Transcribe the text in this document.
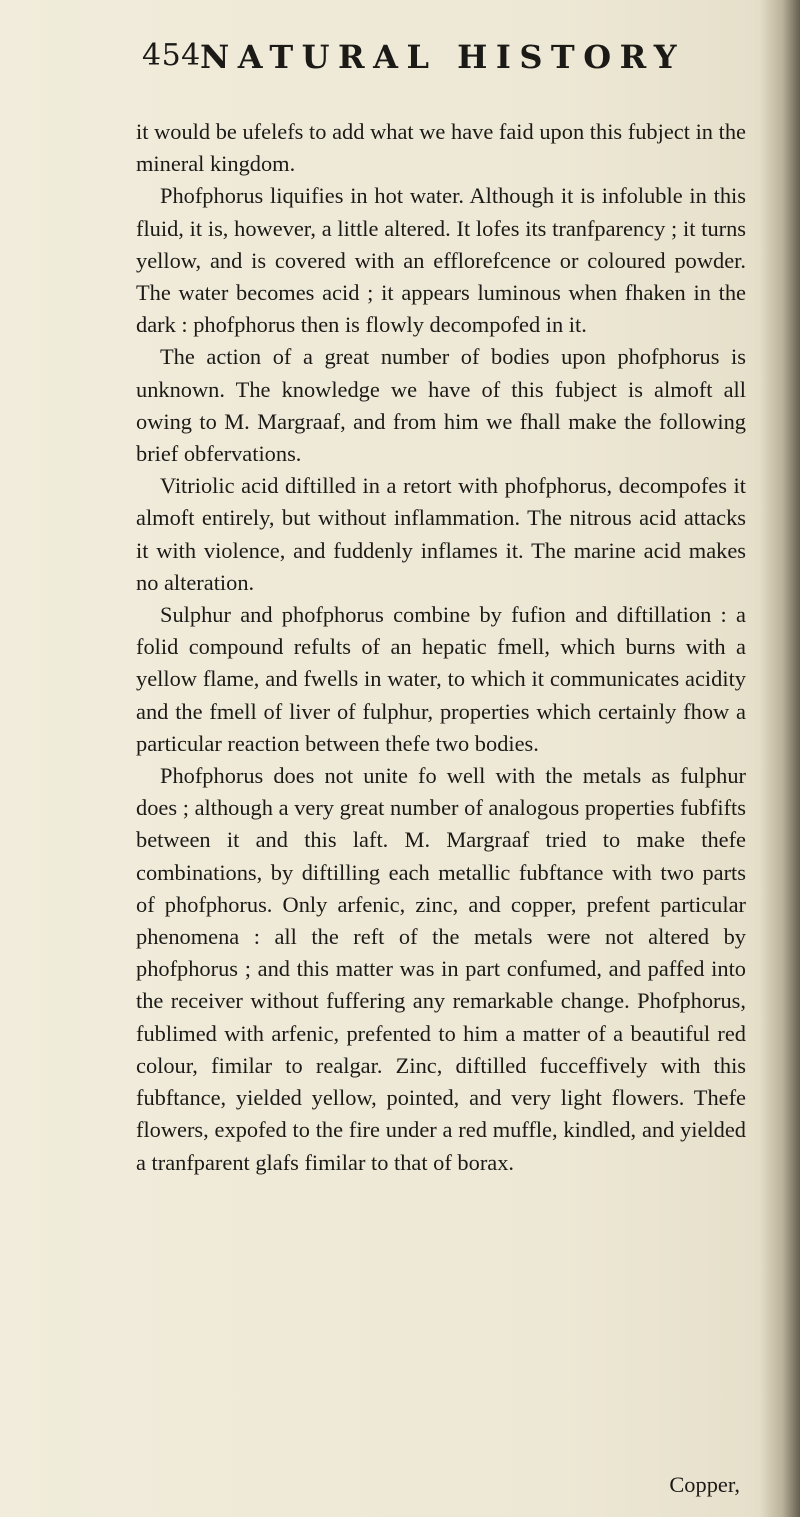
454 NATURAL HISTORY

it would be ufelefs to add what we have faid upon this fubject in the mineral kingdom.

Phofphorus liquifies in hot water. Although it is infoluble in this fluid, it is, however, a little altered. It lofes its tranfparency ; it turns yellow, and is covered with an efflorefcence or coloured powder. The water becomes acid ; it appears luminous when fhaken in the dark : phofphorus then is flowly decompofed in it.

The action of a great number of bodies upon phofphorus is unknown. The knowledge we have of this fubject is almoft all owing to M. Margraaf, and from him we fhall make the following brief obfervations.

Vitriolic acid diftilled in a retort with phofphorus, decompofes it almoft entirely, but without inflammation. The nitrous acid attacks it with violence, and fuddenly inflames it. The marine acid makes no alteration.

Sulphur and phofphorus combine by fufion and diftillation : a folid compound refults of an hepatic fmell, which burns with a yellow flame, and fwells in water, to which it communicates acidity and the fmell of liver of fulphur, properties which certainly fhow a particular reaction between thefe two bodies.

Phofphorus does not unite fo well with the metals as fulphur does ; although a very great number of analogous properties fubfifts between it and this laft. M. Margraaf tried to make thefe combinations, by diftilling each metallic fubftance with two parts of phofphorus. Only arfenic, zinc, and copper, prefent particular phenomena : all the reft of the metals were not altered by phofphorus ; and this matter was in part confumed, and paffed into the receiver without fuffering any remarkable change. Phofphorus, fublimed with arfenic, prefented to him a matter of a beautiful red colour, fimilar to realgar. Zinc, diftilled fucceffively with this fubftance, yielded yellow, pointed, and very light flowers. Thefe flowers, expofed to the fire under a red muffle, kindled, and yielded a tranfparent glafs fimilar to that of borax.

Copper,
